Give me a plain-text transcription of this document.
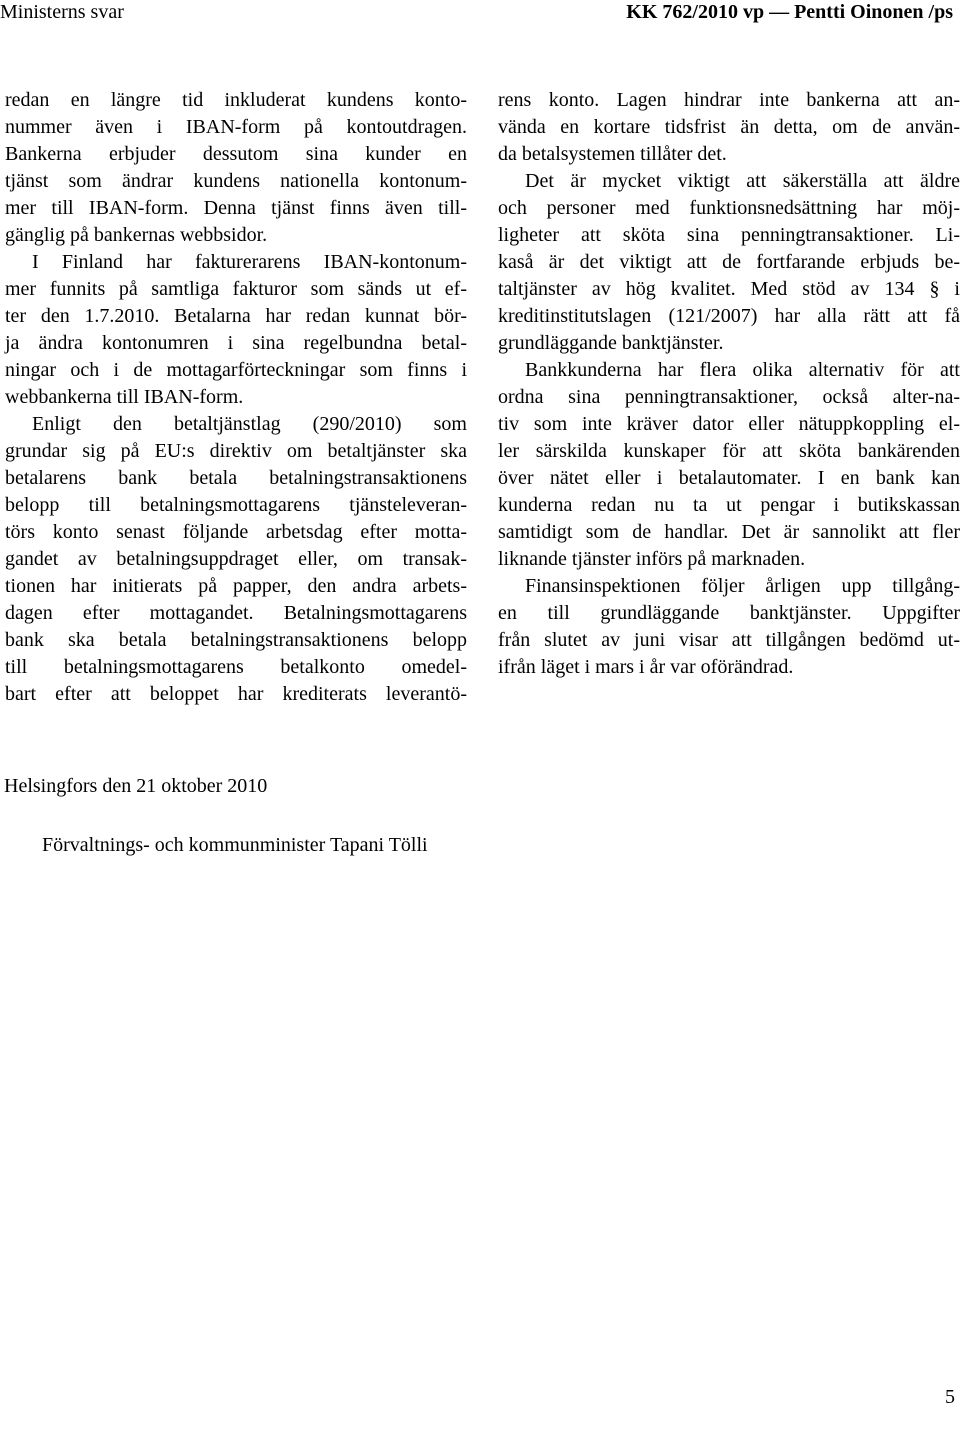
Ministerns svar	KK 762/2010 vp — Pentti Oinonen /ps
redan en längre tid inkluderat kundens konto-
nummer även i IBAN-form på kontoutdragen.
Bankerna erbjuder dessutom sina kunder en
tjänst som ändrar kundens nationella kontonum-
mer till IBAN-form. Denna tjänst finns även till-
gänglig på bankernas webbsidor.
I Finland har fakturerarens IBAN-kontonum-
mer funnits på samtliga fakturor som sänds ut ef-
ter den 1.7.2010. Betalarna har redan kunnat bör-
ja ändra kontonumren i sina regelbundna betal-
ningar och i de mottagarförteckningar som finns i
webbankerna till IBAN-form.
Enligt den betaltjänstlag (290/2010) som
grundar sig på EU:s direktiv om betaltjänster ska
betalarens bank betala betalningstransaktionens
belopp till betalningsmottagarens tjänsteleveran-
törs konto senast följande arbetsdag efter motta-
gandet av betalningsuppdraget eller, om transak-
tionen har initierats på papper, den andra arbets-
dagen efter mottagandet. Betalningsmottagarens
bank ska betala betalningstransaktionens belopp
till betalningsmottagarens betalkonto omedel-
bart efter att beloppet har krediterats leverantö-
rens konto. Lagen hindrar inte bankerna att an-
vända en kortare tidsfrist än detta, om de använ-
da betalsystemen tillåter det.
Det är mycket viktigt att säkerställa att äldre
och personer med funktionsnedsättning har möj-
ligheter att sköta sina penningtransaktioner. Li-
kaså är det viktigt att de fortfarande erbjuds be-
taltjänster av hög kvalitet. Med stöd av 134 § i
kreditinstitutslagen (121/2007) har alla rätt att få
grundläggande banktjänster.
Bankkunderna har flera olika alternativ för att
ordna sina penningtransaktioner, också alter-na-
tiv som inte kräver dator eller nätuppkoppling el-
ler särskilda kunskaper för att sköta bankärenden
över nätet eller i betalautomater. I en bank kan
kunderna redan nu ta ut pengar i butikskassan
samtidigt som de handlar. Det är sannolikt att fler
liknande tjänster införs på marknaden.
Finansinspektionen följer årligen upp tillgång-
en till grundläggande banktjänster. Uppgifter
från slutet av juni visar att tillgången bedömd ut-
ifrån läget i mars i år var oförändrad.
Helsingfors den 21 oktober 2010
Förvaltnings- och kommunminister Tapani Tölli
5
